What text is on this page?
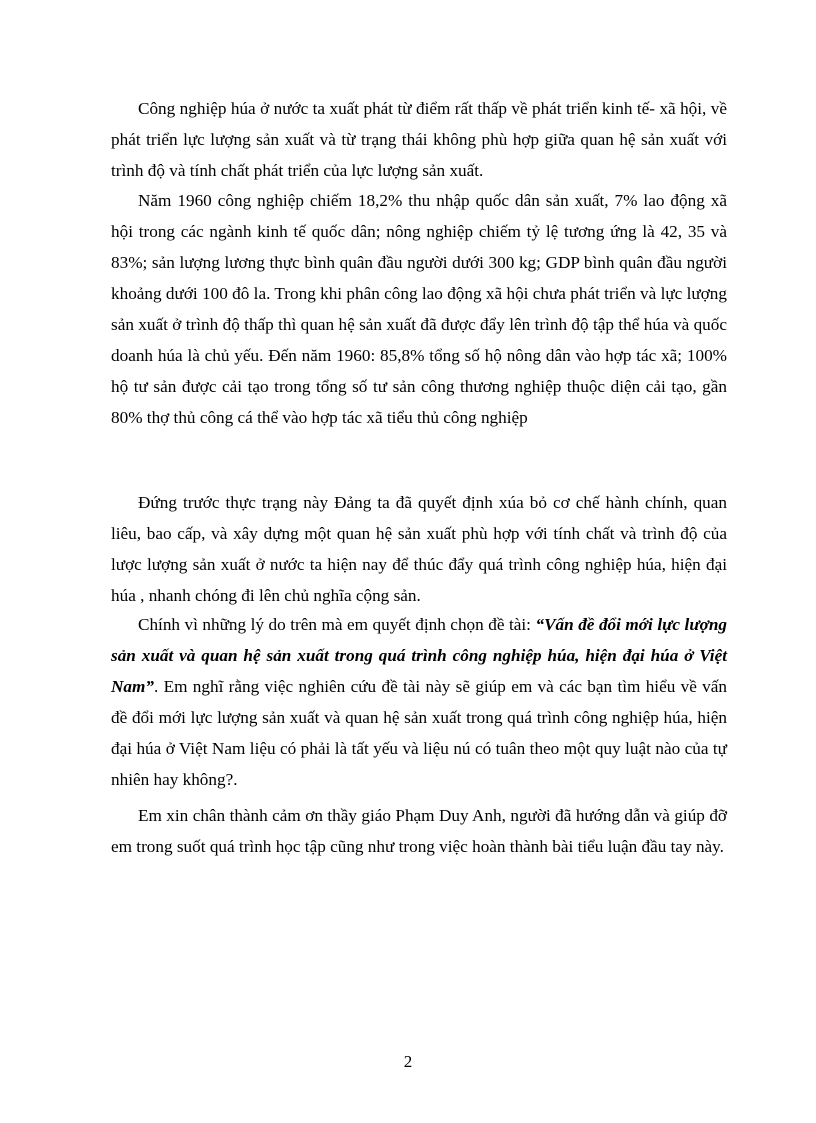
Công nghiệp húa ở nước ta xuất phát từ điểm rất thấp về phát triển kinh tế- xã hội, về phát triển lực lượng sản xuất và từ trạng thái không phù hợp giữa quan hệ sản xuất với trình độ và tính chất phát triển của lực lượng sản xuất.

Năm 1960 công nghiệp chiếm 18,2% thu nhập quốc dân sản xuất, 7% lao động xã hội trong các ngành kinh tế quốc dân; nông nghiệp chiếm tỷ lệ tương ứng là 42, 35 và 83%; sản lượng lương thực bình quân đầu người dưới 300 kg; GDP bình quân đầu người khoảng dưới 100 đô la. Trong khi phân công lao động xã hội chưa phát triển và lực lượng sản xuất ở trình độ thấp thì quan hệ sản xuất đã được đẩy lên trình độ tập thể húa và quốc doanh húa là chủ yếu. Đến năm 1960: 85,8% tổng số hộ nông dân vào hợp tác xã; 100% hộ tư sản được cải tạo trong tổng số tư sản công thương nghiệp thuộc diện cải tạo, gần 80% thợ thủ công cá thể vào hợp tác xã tiểu thủ công nghiệp

Đứng trước thực trạng này Đảng ta đã quyết định xúa bỏ cơ chế hành chính, quan liêu, bao cấp, và xây dựng một quan hệ sản xuất phù hợp với tính chất và trình độ của lược lượng sản xuất ở nước ta hiện nay để thúc đẩy quá trình công nghiệp húa, hiện đại húa , nhanh chóng đi lên chủ nghĩa cộng sản.

Chính vì những lý do trên mà em quyết định chọn đề tài: “Vấn đề đổi mới lực lượng sản xuất và quan hệ sản xuất trong quá trình công nghiệp húa, hiện đại húa ở Việt Nam”. Em nghĩ rằng việc nghiên cứu đề tài này sẽ giúp em và các bạn tìm hiểu về vấn đề đổi mới lực lượng sản xuất và quan hệ sản xuất trong quá trình công nghiệp húa, hiện đại húa ở Việt Nam liệu có phải là tất yếu và liệu nú có tuân theo một quy luật nào của tự nhiên hay không?.

Em xin chân thành cảm ơn thầy giáo Phạm Duy Anh, người đã hướng dẫn và giúp đỡ em trong suốt quá trình học tập cũng như trong việc hoàn thành bài tiểu luận đầu tay này.

2
